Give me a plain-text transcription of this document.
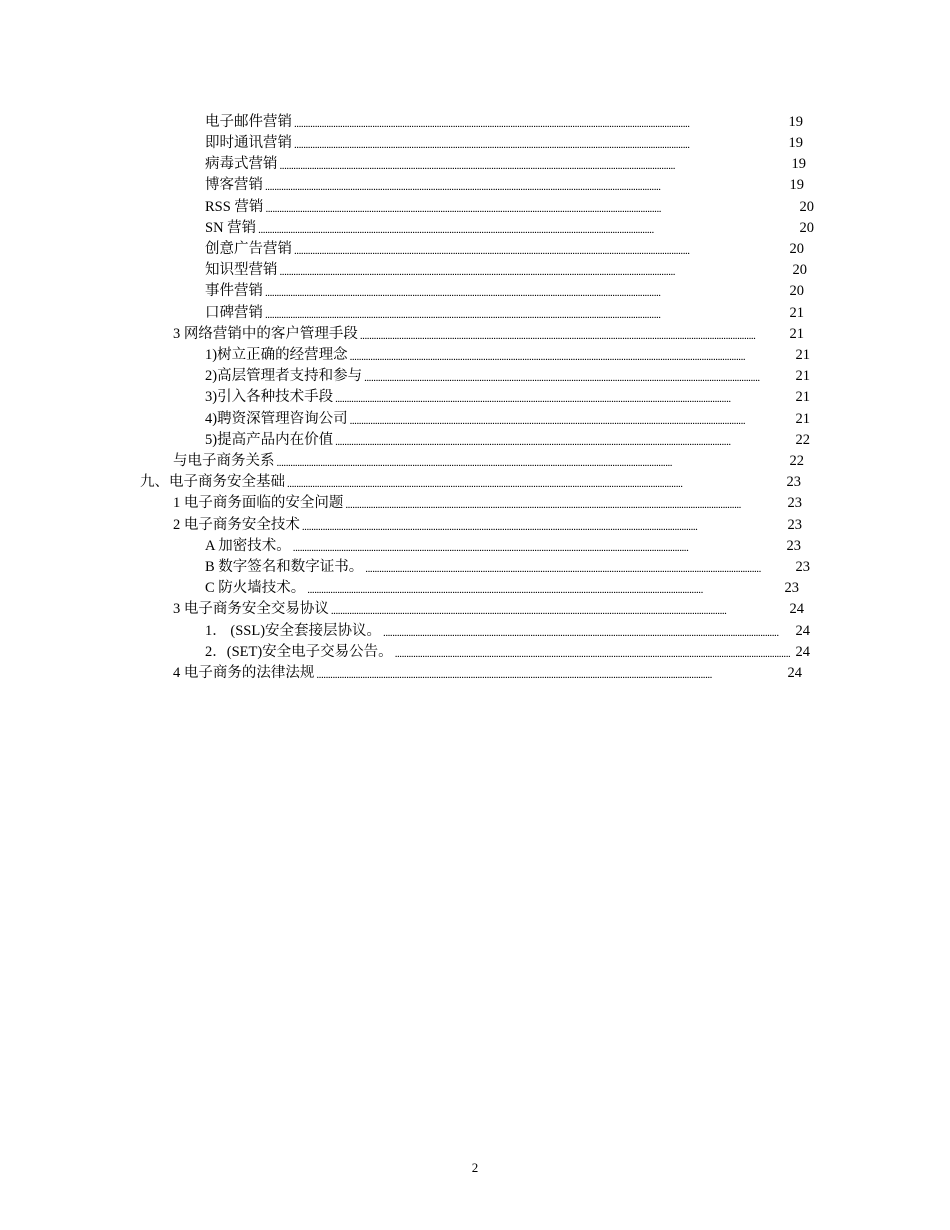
电子邮件营销 . . .	19
即时通讯营销 . . .	19
病毒式营销 . . .	19
博客营销 . . .	19
RSS 营销 . . .	20
SN 营销 . . .	20
创意广告营销 . . .	20
知识型营销 . . .	20
事件营销 . . .	20
口碑营销 . . .	21
3 网络营销中的客户管理手段 . . .	21
1)树立正确的经营理念 . . .	21
2)高层管理者支持和参与 . . .	21
3)引入各种技术手段 . . .	21
4)聘资深管理咨询公司 . . .	21
5)提高产品内在价值 . . .	22
与电子商务关系 . . .	22
九、电子商务安全基础 . . .	23
1 电子商务面临的安全问题 . . .	23
2 电子商务安全技术 . . .	23
A 加密技术。 . . .	23
B 数字签名和数字证书。 . . .	23
C 防火墙技术。 . . .	23
3 电子商务安全交易协议 . . .	24
1． (SSL)安全套接层协议。 . . .	24
2．(SET)安全电子交易公告。 . . .	24
4 电子商务的法律法规 . . .	24
2
